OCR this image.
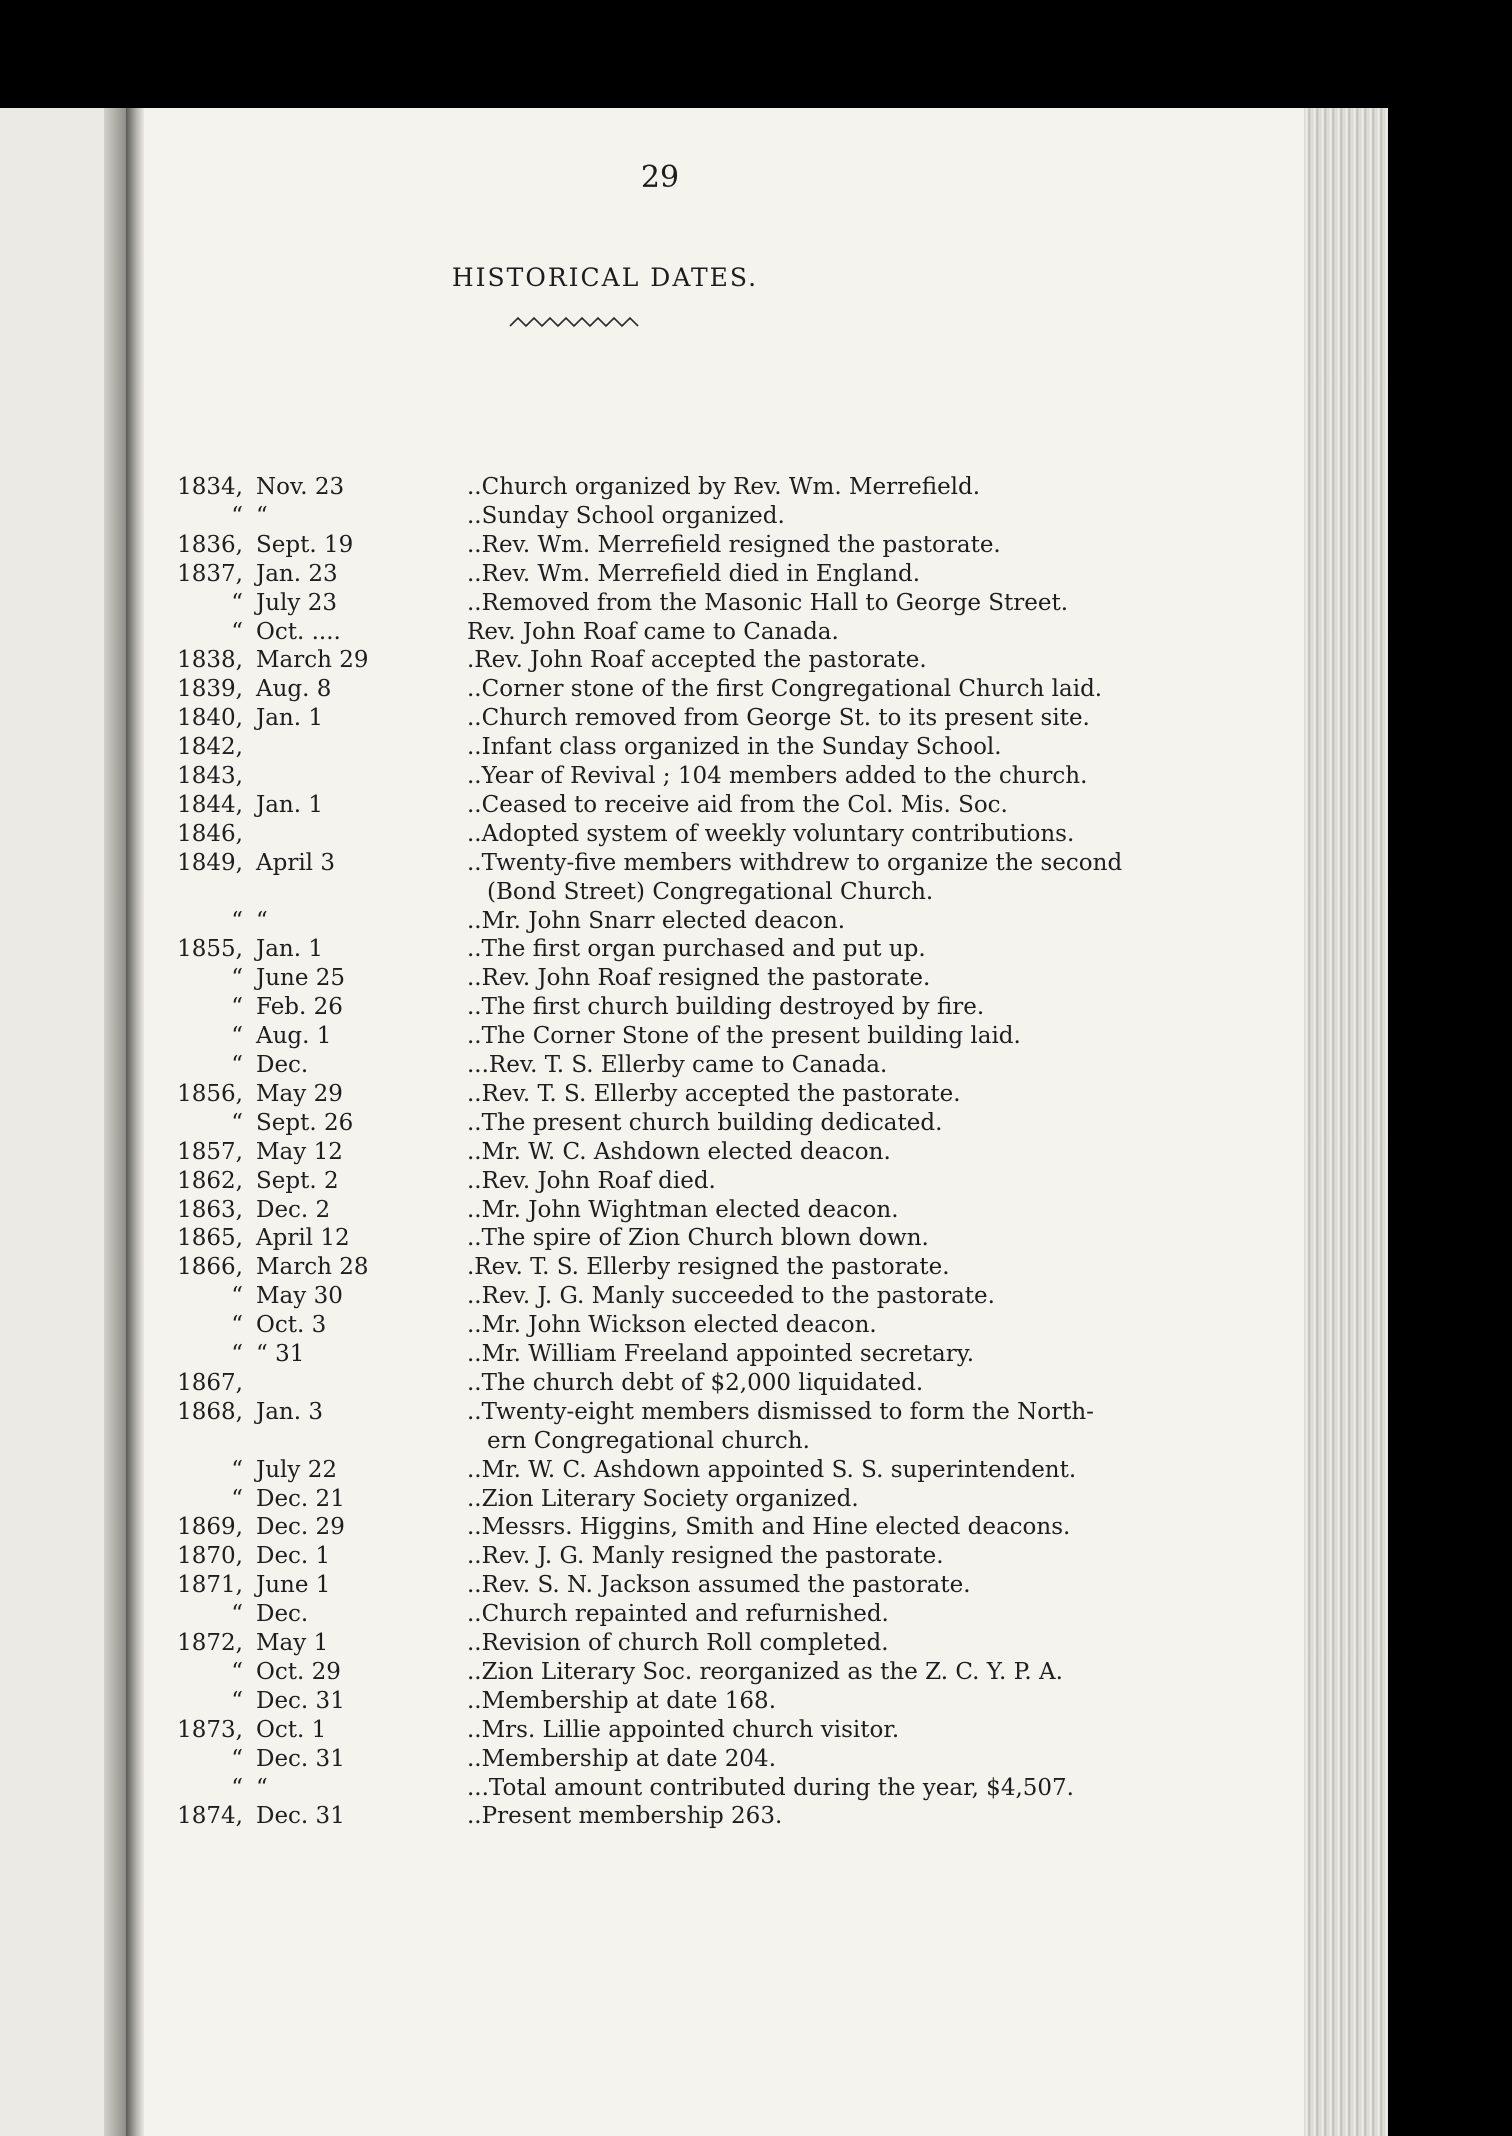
29
HISTORICAL DATES.
1834, Nov. 23	..Church organized by Rev. Wm. Merrefield.
“ “	..Sunday School organized.
1836, Sept. 19	..Rev. Wm. Merrefield resigned the pastorate.
1837, Jan. 23	..Rev. Wm. Merrefield died in England.
“ July 23	..Removed from the Masonic Hall to George Street.
“ Oct. ....	Rev. John Roaf came to Canada.
1838, March 29	.Rev. John Roaf accepted the pastorate.
1839, Aug. 8	..Corner stone of the first Congregational Church laid.
1840, Jan. 1	..Church removed from George St. to its present site.
1842,	..Infant class organized in the Sunday School.
1843,	..Year of Revival ; 104 members added to the church.
1844, Jan. 1	..Ceased to receive aid from the Col. Mis. Soc.
1846,	..Adopted system of weekly voluntary contributions.
1849, April 3	..Twenty-five members withdrew to organize the second
(Bond Street) Congregational Church.
“ “	..Mr. John Snarr elected deacon.
1855, Jan. 1	..The first organ purchased and put up.
“ June 25	..Rev. John Roaf resigned the pastorate.
“ Feb. 26	..The first church building destroyed by fire.
“ Aug. 1	..The Corner Stone of the present building laid.
“ Dec.	...Rev. T. S. Ellerby came to Canada.
1856, May 29	..Rev. T. S. Ellerby accepted the pastorate.
“ Sept. 26	..The present church building dedicated.
1857, May 12	..Mr. W. C. Ashdown elected deacon.
1862, Sept. 2	..Rev. John Roaf died.
1863, Dec. 2	..Mr. John Wightman elected deacon.
1865, April 12	..The spire of Zion Church blown down.
1866, March 28	.Rev. T. S. Ellerby resigned the pastorate.
“ May 30	..Rev. J. G. Manly succeeded to the pastorate.
“ Oct. 3	..Mr. John Wickson elected deacon.
“ “ 31	..Mr. William Freeland appointed secretary.
1867,	..The church debt of $2,000 liquidated.
1868, Jan. 3	..Twenty-eight members dismissed to form the North-
ern Congregational church.
“ July 22	..Mr. W. C. Ashdown appointed S. S. superintendent.
“ Dec. 21	..Zion Literary Society organized.
1869, Dec. 29	..Messrs. Higgins, Smith and Hine elected deacons.
1870, Dec. 1	..Rev. J. G. Manly resigned the pastorate.
1871, June 1	..Rev. S. N. Jackson assumed the pastorate.
“ Dec.	..Church repainted and refurnished.
1872, May 1	..Revision of church Roll completed.
“ Oct. 29	..Zion Literary Soc. reorganized as the Z. C. Y. P. A.
“ Dec. 31	..Membership at date 168.
1873, Oct. 1	..Mrs. Lillie appointed church visitor.
“ Dec. 31	..Membership at date 204.
“ “	...Total amount contributed during the year, $4,507.
1874, Dec. 31	..Present membership 263.
